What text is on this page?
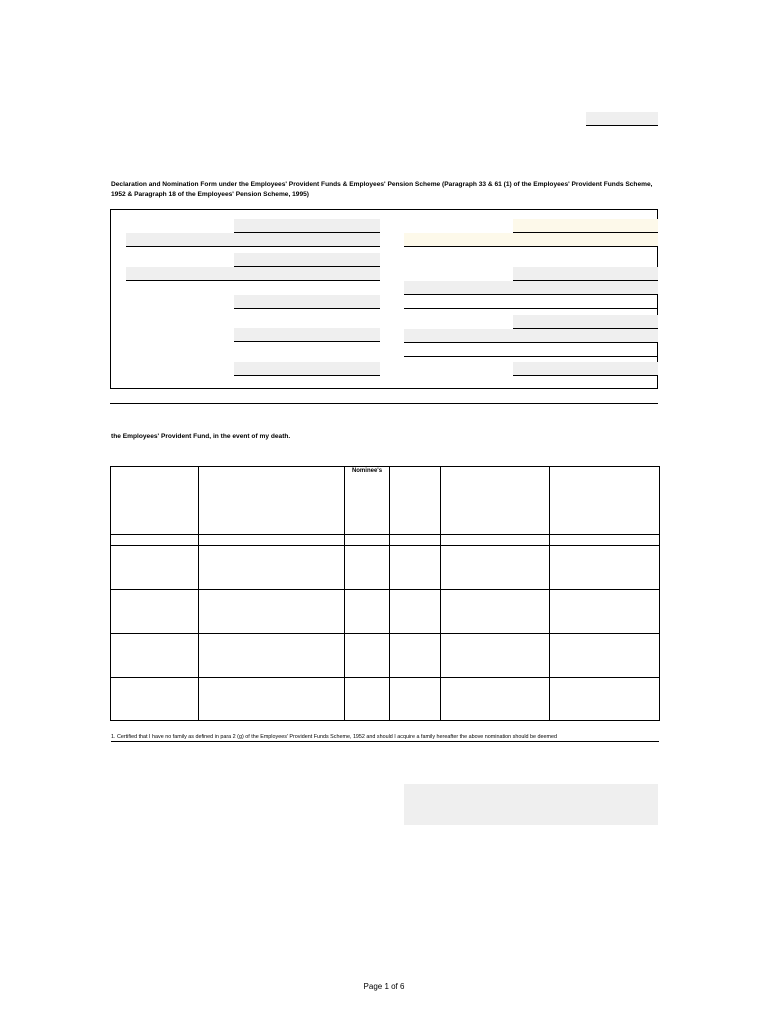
Declaration and Nomination Form under the Employees' Provident Funds & Employees' Pension Scheme (Paragraph 33 & 61 (1) of the Employees' Provident Funds Scheme, 1952 & Paragraph 18 of the Employees' Pension Scheme, 1995)
the Employees' Provident Fund, in the event of my death.
		Nominee's			

1. Certified that I have no family as defined in para 2 (g) of the Employees' Provident Funds Scheme, 1952 and should I acquire a family hereafter the above nomination should be deemed
Page 1 of 6
